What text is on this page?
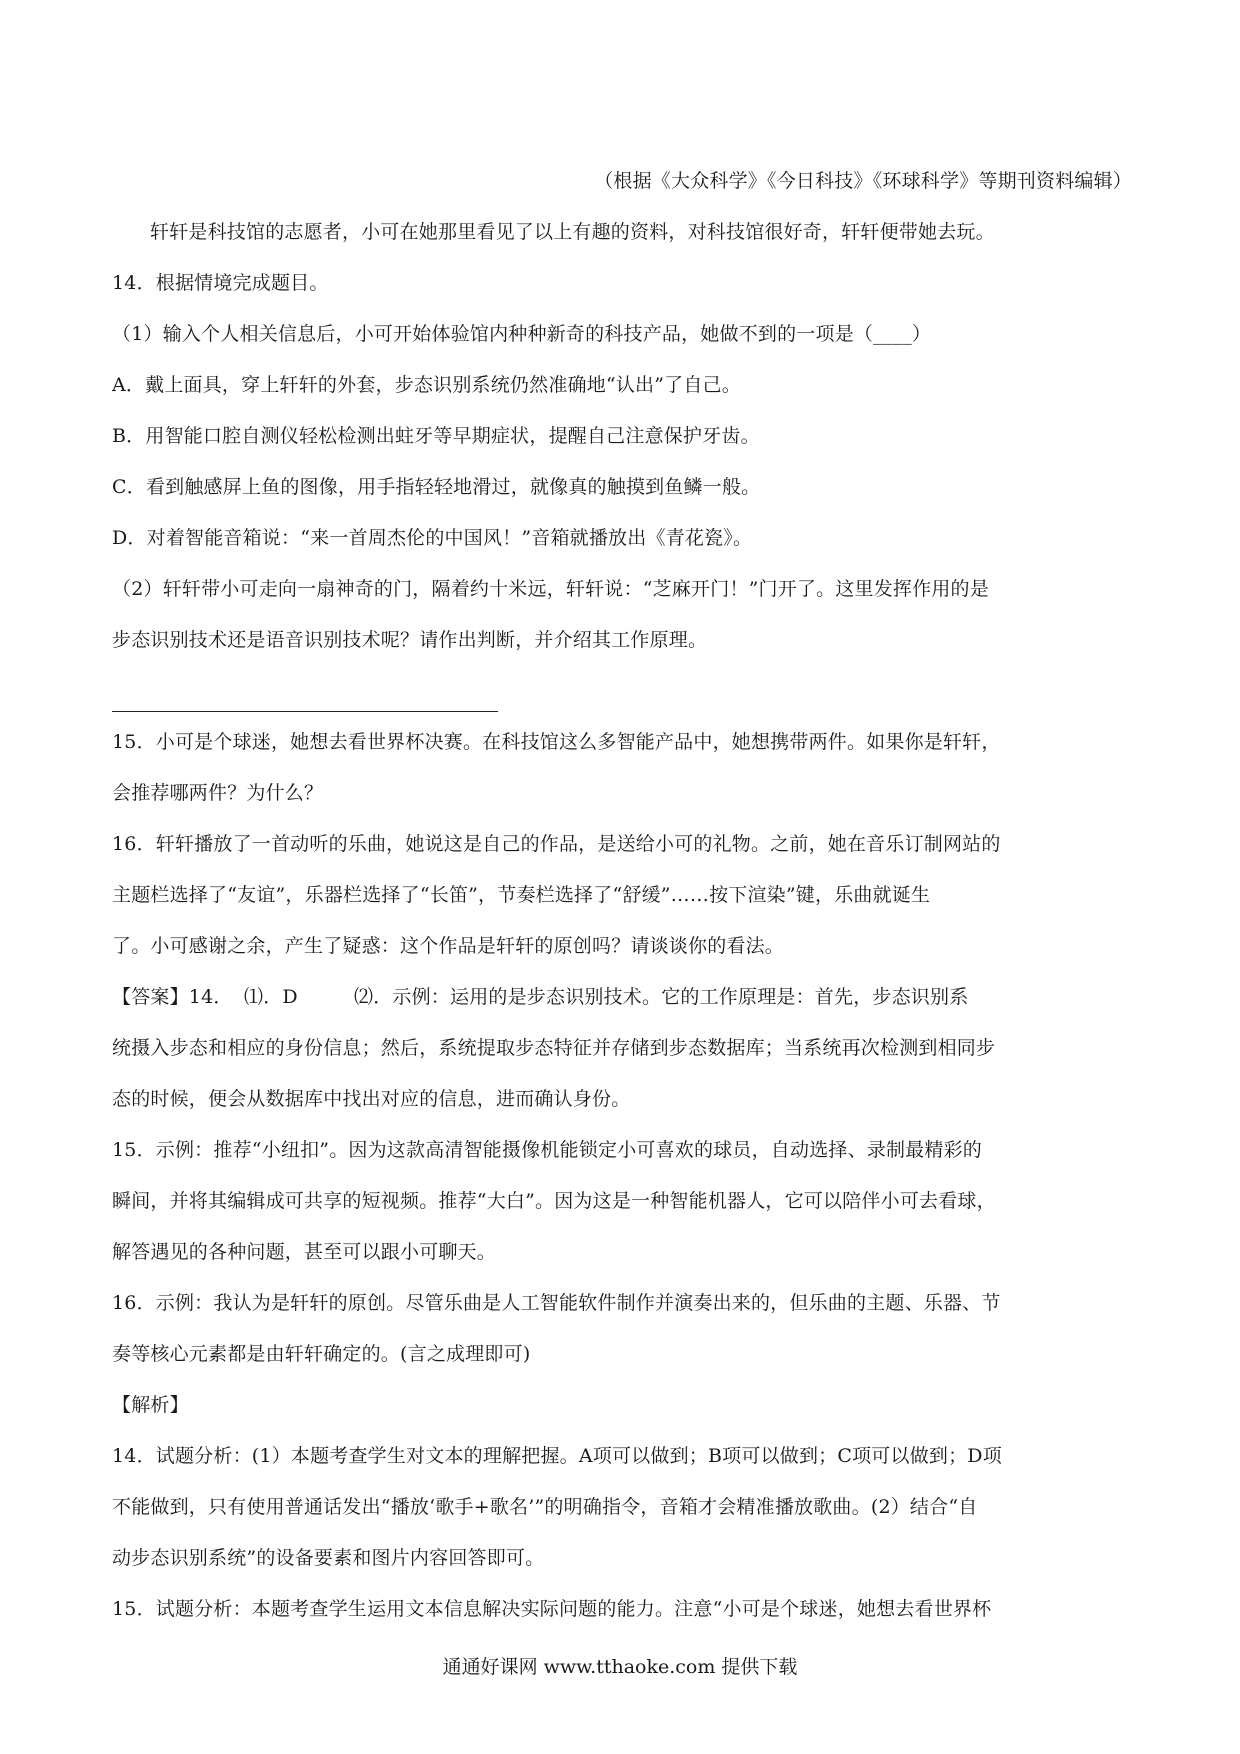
（根据《大众科学》《今日科技》《环球科学》等期刊资料编辑）
轩轩是科技馆的志愿者，小可在她那里看见了以上有趣的资料，对科技馆很好奇，轩轩便带她去玩。
14．根据情境完成题目。
（1）输入个人相关信息后，小可开始体验馆内种种新奇的科技产品，她做不到的一项是（____）
A．戴上面具，穿上轩轩的外套，步态识别系统仍然准确地“认出”了自己。
B．用智能口腔自测仪轻松检测出蛀牙等早期症状，提醒自己注意保护牙齿。
C．看到触感屏上鱼的图像，用手指轻轻地滑过，就像真的触摸到鱼鳞一般。
D．对着智能音箱说：“来一首周杰伦的中国风！”音箱就播放出《青花瓷》。
（2）轩轩带小可走向一扇神奇的门，隔着约十米远，轩轩说：“芝麻开门！”门开了。这里发挥作用的是
步态识别技术还是语音识别技术呢？请作出判断，并介绍其工作原理。
15．小可是个球迷，她想去看世界杯决赛。在科技馆这么多智能产品中，她想携带两件。如果你是轩轩，
会推荐哪两件？为什么？
16．轩轩播放了一首动听的乐曲，她说这是自己的作品，是送给小可的礼物。之前，她在音乐订制网站的
主题栏选择了“友谊”，乐器栏选择了“长笛”，节奏栏选择了“舒缓”……按下渲染”键，乐曲就诞生
了。小可感谢之余，产生了疑惑：这个作品是轩轩的原创吗？请谈谈你的看法。
【答案】14． ⑴．D	⑵．示例：运用的是步态识别技术。它的工作原理是：首先，步态识别系
统摄入步态和相应的身份信息；然后，系统提取步态特征并存储到步态数据库；当系统再次检测到相同步
态的时候，便会从数据库中找出对应的信息，进而确认身份。
15．示例：推荐“小纽扣”。因为这款高清智能摄像机能锁定小可喜欢的球员，自动选择、录制最精彩的
瞬间，并将其编辑成可共享的短视频。推荐“大白”。因为这是一种智能机器人，它可以陪伴小可去看球，
解答遇见的各种问题，甚至可以跟小可聊天。
16．示例：我认为是轩轩的原创。尽管乐曲是人工智能软件制作并演奏出来的，但乐曲的主题、乐器、节
奏等核心元素都是由轩轩确定的。(言之成理即可)
【解析】
14．试题分析：(1）本题考查学生对文本的理解把握。A项可以做到；B项可以做到；C项可以做到；D项
不能做到，只有使用普通话发出“播放‘歌手+歌名’”的明确指令，音箱才会精准播放歌曲。(2）结合“自
动步态识别系统”的设备要素和图片内容回答即可。
15．试题分析：本题考查学生运用文本信息解决实际问题的能力。注意“小可是个球迷，她想去看世界杯
通通好课网 www.tthaoke.com 提供下载
